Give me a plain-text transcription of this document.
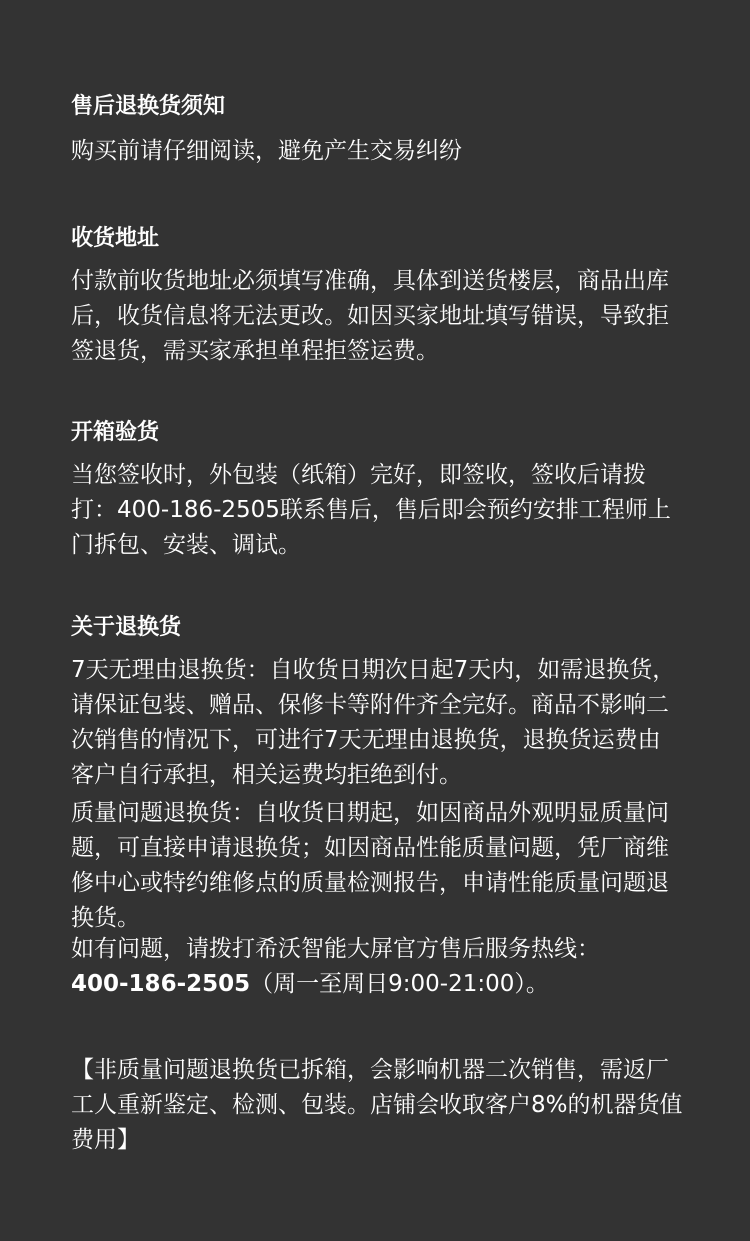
售后退换货须知

购买前请仔细阅读，避免产生交易纠纷

收货地址

付款前收货地址必须填写准确，具体到送货楼层，商品出库后，收货信息将无法更改。如因买家地址填写错误，导致拒签退货，需买家承担单程拒签运费。

开箱验货

当您签收时，外包装（纸箱）完好，即签收，签收后请拨打：400-186-2505联系售后，售后即会预约安排工程师上门拆包、安装、调试。

关于退换货

7天无理由退换货：自收货日期次日起7天内，如需退换货，请保证包装、赠品、保修卡等附件齐全完好。商品不影响二次销售的情况下，可进行7天无理由退换货，退换货运费由客户自行承担，相关运费均拒绝到付。

质量问题退换货：自收货日期起，如因商品外观明显质量问题，可直接申请退换货；如因商品性能质量问题，凭厂商维修中心或特约维修点的质量检测报告，申请性能质量问题退换货。

如有问题，请拨打希沃智能大屏官方售后服务热线：
400-186-2505（周一至周日9:00-21:00）。

【非质量问题退换货已拆箱，会影响机器二次销售，需返厂工人重新鉴定、检测、包装。店铺会收取客户8%的机器货值费用】
